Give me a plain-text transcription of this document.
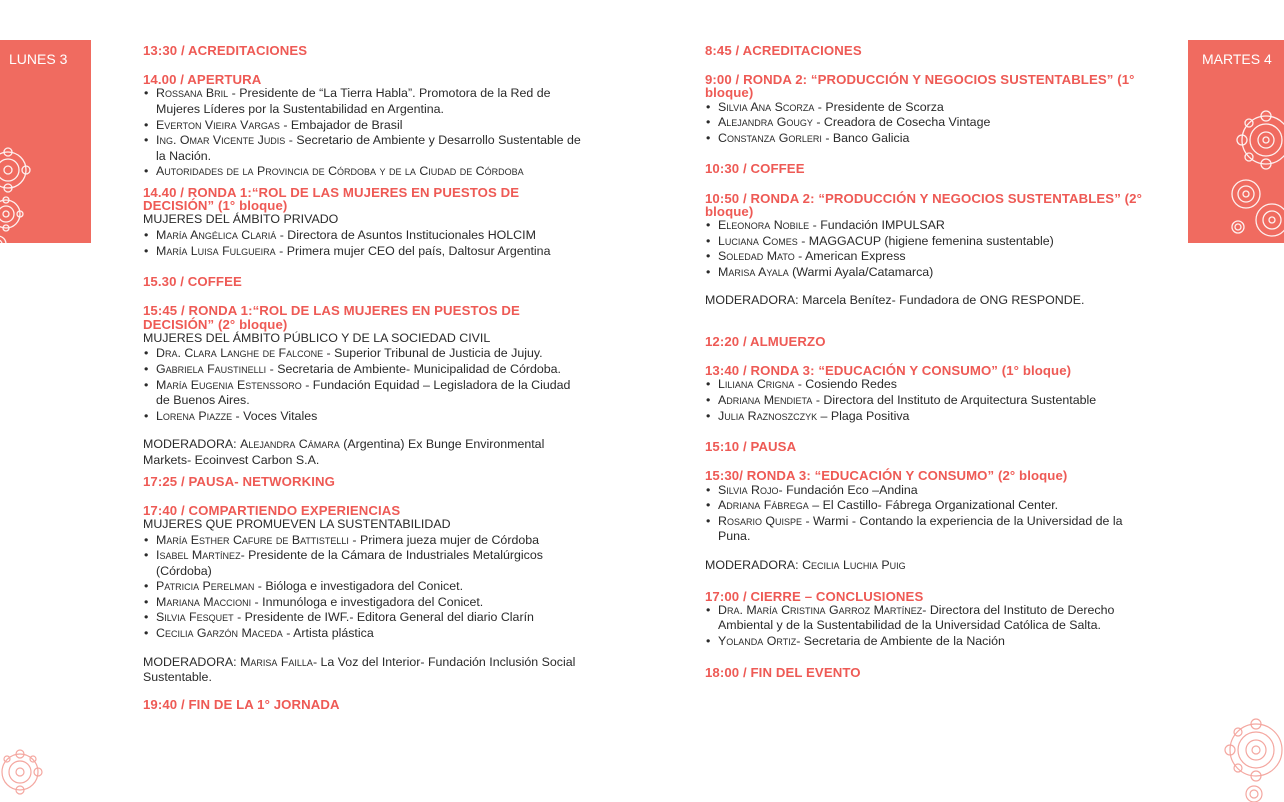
LUNES 3	MARTES 4
13:30 / ACREDITACIONES
14.00 / APERTURA
• Rossana Bril - Presidente de “La Tierra Habla”. Promotora de la Red de Mujeres Líderes por la Sustentabilidad en Argentina.
• Everton Vieira Vargas - Embajador de Brasil
• Ing. Omar Vicente Judis - Secretario de Ambiente y Desarrollo Sustentable de la Nación.
• Autoridades de la Provincia de Córdoba y de la Ciudad de Córdoba
14.40 / RONDA 1:“ROL DE LAS MUJERES EN PUESTOS DE DECISIÓN” (1° bloque)
MUJERES DEL ÁMBITO PRIVADO
• María Angélica Clariá - Directora de Asuntos Institucionales HOLCIM
• María Luisa Fulgueira - Primera mujer CEO del país, Daltosur Argentina
15.30 / COFFEE
15:45 / RONDA 1:“ROL DE LAS MUJERES EN PUESTOS DE DECISIÓN” (2° bloque)
MUJERES DEL ÁMBITO PÚBLICO Y DE LA SOCIEDAD CIVIL
• Dra. Clara Langhe de Falcone - Superior Tribunal de Justicia de Jujuy.
• Gabriela Faustinelli - Secretaria de Ambiente- Municipalidad de Córdoba.
• María Eugenia Estenssoro - Fundación Equidad – Legisladora de la Ciudad de Buenos Aires.
• Lorena Piazze - Voces Vitales
MODERADORA: Alejandra Cámara (Argentina) Ex Bunge Environmental Markets- Ecoinvest Carbon S.A.
17:25 / PAUSA- NETWORKING
17:40 / COMPARTIENDO EXPERIENCIAS
MUJERES QUE PROMUEVEN LA SUSTENTABILIDAD
• María Esther Cafure de Battistelli - Primera jueza mujer de Córdoba
• Isabel Martínez- Presidente de la Cámara de Industriales Metalúrgicos (Córdoba)
• Patricia Perelman - Bióloga e investigadora del Conicet.
• Mariana Maccioni - Inmunóloga e investigadora del Conicet.
• Silvia Fesquet - Presidente de IWF.- Editora General del diario Clarín
• Cecilia Garzón Maceda - Artista plástica
MODERADORA: Marisa Failla- La Voz del Interior- Fundación Inclusión Social Sustentable.
19:40 / FIN DE LA 1° JORNADA
8:45 / ACREDITACIONES
9:00 / RONDA 2: “PRODUCCIÓN Y NEGOCIOS SUSTENTABLES” (1° bloque)
• Silvia Ana Scorza - Presidente de Scorza
• Alejandra Gougy - Creadora de Cosecha Vintage
• Constanza Gorleri - Banco Galicia
10:30 / COFFEE
10:50 / RONDA 2: “PRODUCCIÓN Y NEGOCIOS SUSTENTABLES” (2° bloque)
• Eleonora Nobile - Fundación IMPULSAR
• Luciana Comes - MAGGACUP (higiene femenina sustentable)
• Soledad Mato - American Express
• Marisa Ayala (Warmi Ayala/Catamarca)
MODERADORA: Marcela Benítez- Fundadora de ONG RESPONDE.
12:20 / ALMUERZO
13:40 / RONDA 3: “EDUCACIÓN Y CONSUMO” (1° bloque)
• Liliana Crigna - Cosiendo Redes
• Adriana Mendieta - Directora del Instituto de Arquitectura Sustentable
• Julia Raznoszczyk – Plaga Positiva
15:10 / PAUSA
15:30/ RONDA 3: “EDUCACIÓN Y CONSUMO” (2° bloque)
• Silvia Rojo- Fundación Eco –Andina
• Adriana Fábrega – El Castillo- Fábrega Organizational Center.
• Rosario Quispe - Warmi - Contando la experiencia de la Universidad de la Puna.
MODERADORA: Cecilia Luchia Puig
17:00 / CIERRE – CONCLUSIONES
• Dra. María Cristina Garroz Martínez- Directora del Instituto de Derecho Ambiental y de la Sustentabilidad de la Universidad Católica de Salta.
• Yolanda Ortiz- Secretaria de Ambiente de la Nación
18:00 / FIN DEL EVENTO
